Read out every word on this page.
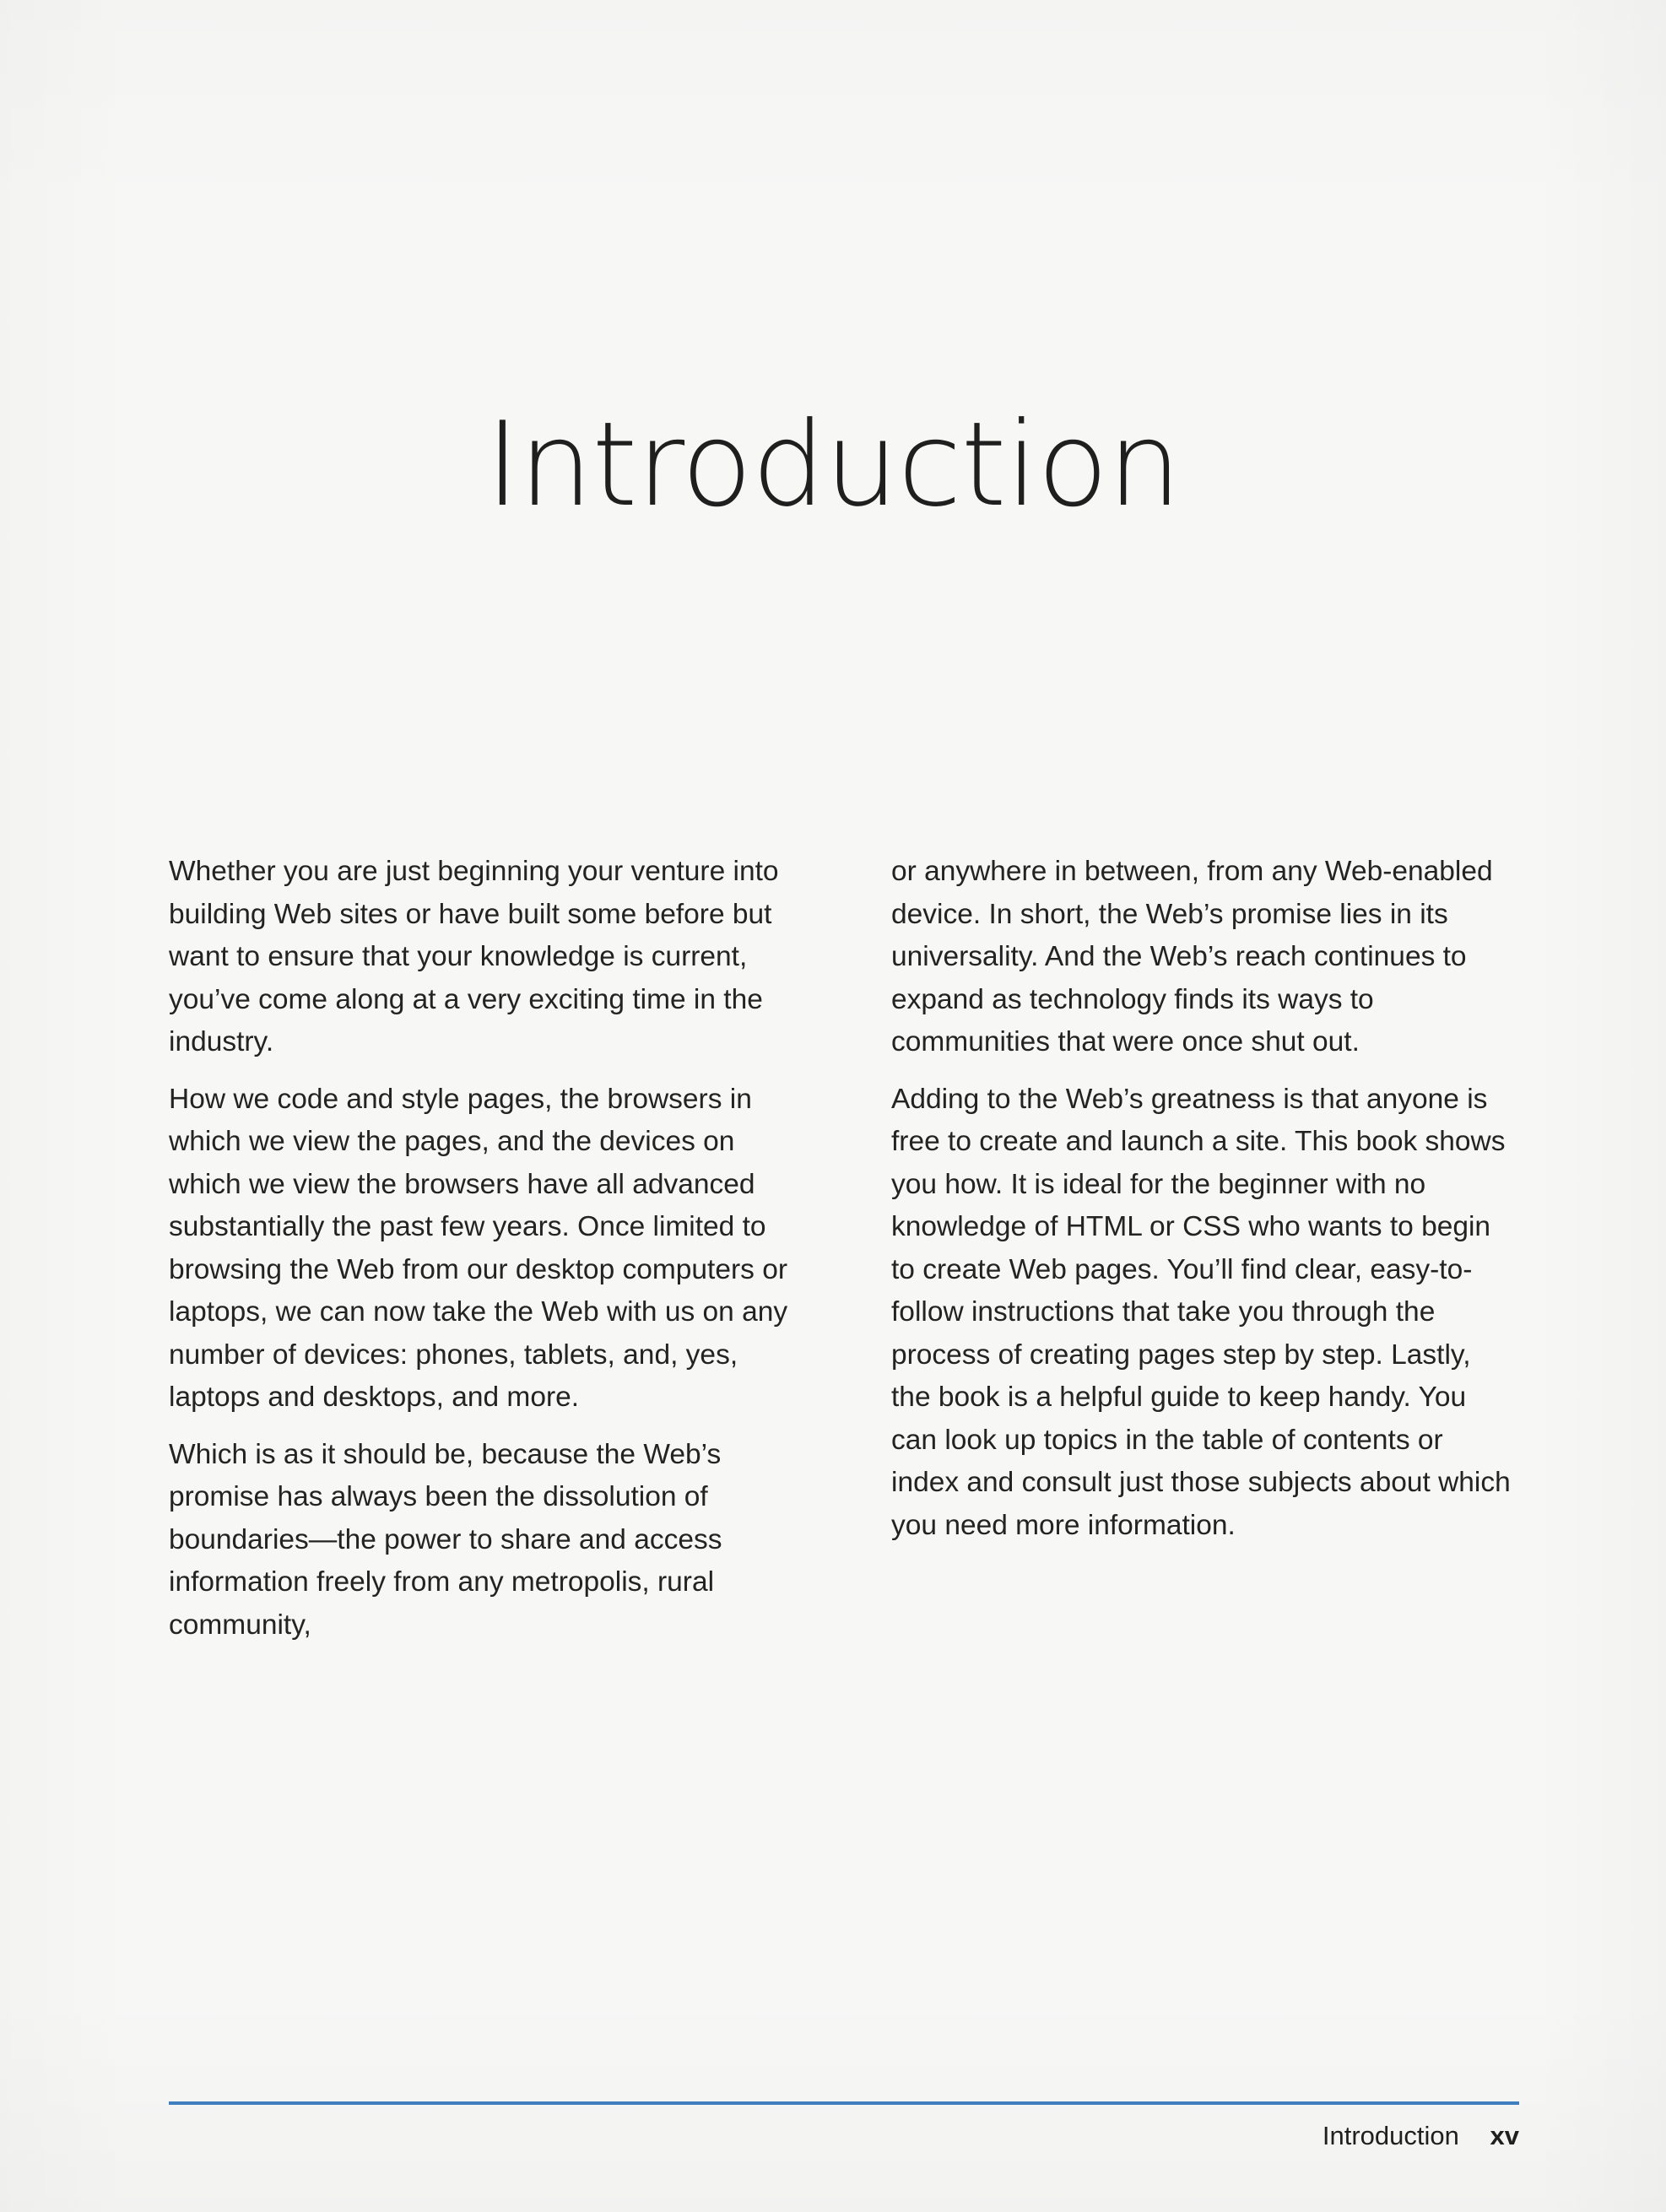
Introduction

Whether you are just beginning your venture into building Web sites or have built some before but want to ensure that your knowledge is current, you’ve come along at a very exciting time in the industry.

How we code and style pages, the browsers in which we view the pages, and the devices on which we view the browsers have all advanced substantially the past few years. Once limited to browsing the Web from our desktop computers or laptops, we can now take the Web with us on any number of devices: phones, tablets, and, yes, laptops and desktops, and more.

Which is as it should be, because the Web’s promise has always been the dissolution of boundaries—the power to share and access information freely from any metropolis, rural community,

or anywhere in between, from any Web-enabled device. In short, the Web’s promise lies in its universality. And the Web’s reach continues to expand as technology finds its ways to communities that were once shut out.

Adding to the Web’s greatness is that anyone is free to create and launch a site. This book shows you how. It is ideal for the beginner with no knowledge of HTML or CSS who wants to begin to create Web pages. You’ll find clear, easy-to-follow instructions that take you through the process of creating pages step by step. Lastly, the book is a helpful guide to keep handy. You can look up topics in the table of contents or index and consult just those subjects about which you need more information.

Introduction xv
